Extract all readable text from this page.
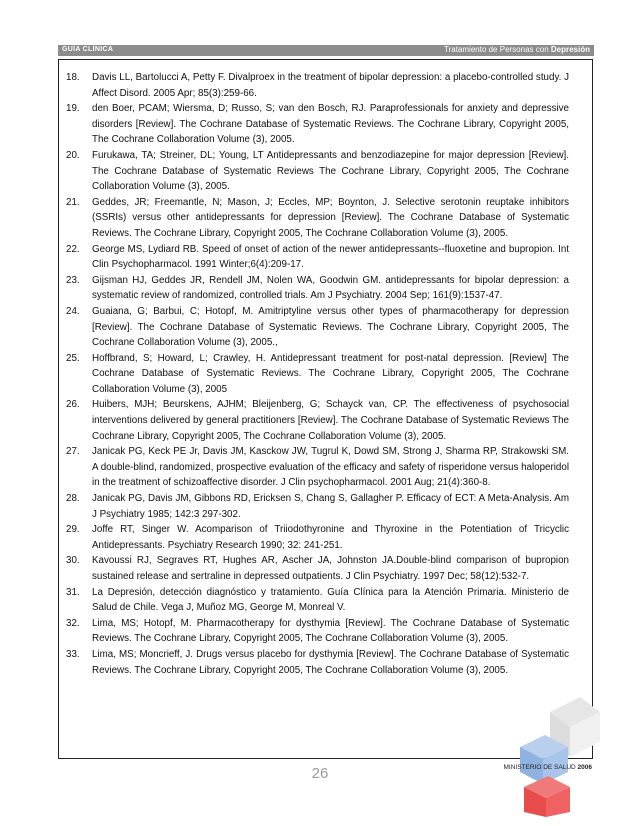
GUÍA CLÍNICA	Tratamiento de Personas con Depresión
18. Davis LL, Bartolucci A, Petty F. Divalproex in the treatment of bipolar depression: a placebo-controlled study. J Affect Disord. 2005 Apr; 85(3):259-66.
19. den Boer, PCAM; Wiersma, D; Russo, S; van den Bosch, RJ. Paraprofessionals for anxiety and depressive disorders [Review]. The Cochrane Database of Systematic Reviews. The Cochrane Library, Copyright 2005, The Cochrane Collaboration Volume (3), 2005.
20. Furukawa, TA; Streiner, DL; Young, LT Antidepressants and benzodiazepine for major depression [Review]. The Cochrane Database of Systematic Reviews The Cochrane Library, Copyright 2005, The Cochrane Collaboration Volume (3), 2005.
21. Geddes, JR; Freemantle, N; Mason, J; Eccles, MP; Boynton, J. Selective serotonin reuptake inhibitors (SSRIs) versus other antidepressants for depression [Review]. The Cochrane Database of Systematic Reviews. The Cochrane Library, Copyright 2005, The Cochrane Collaboration Volume (3), 2005.
22. George MS, Lydiard RB. Speed of onset of action of the newer antidepressants--fluoxetine and bupropion. Int Clin Psychopharmacol. 1991 Winter;6(4):209-17.
23. Gijsman HJ, Geddes JR, Rendell JM, Nolen WA, Goodwin GM. antidepressants for bipolar depression: a systematic review of randomized, controlled trials. Am J Psychiatry. 2004 Sep; 161(9):1537-47.
24. Guaiana, G; Barbui, C; Hotopf, M. Amitriptyline versus other types of pharmacotherapy for depression [Review]. The Cochrane Database of Systematic Reviews. The Cochrane Library, Copyright 2005, The Cochrane Collaboration Volume (3), 2005.,
25. Hoffbrand, S; Howard, L; Crawley, H. Antidepressant treatment for post-natal depression. [Review] The Cochrane Database of Systematic Reviews. The Cochrane Library, Copyright 2005, The Cochrane Collaboration Volume (3), 2005
26. Huibers, MJH; Beurskens, AJHM; Bleijenberg, G; Schayck van, CP. The effectiveness of psychosocial interventions delivered by general practitioners [Review]. The Cochrane Database of Systematic Reviews The Cochrane Library, Copyright 2005, The Cochrane Collaboration Volume (3), 2005.
27. Janicak PG, Keck PE Jr, Davis JM, Kasckow JW, Tugrul K, Dowd SM, Strong J, Sharma RP, Strakowski SM. A double-blind, randomized, prospective evaluation of the efficacy and safety of risperidone versus haloperidol in the treatment of schizoaffective disorder. J Clin psychopharmacol. 2001 Aug; 21(4):360-8.
28. Janicak PG, Davis JM, Gibbons RD, Ericksen S, Chang S, Gallagher P. Efficacy of ECT: A Meta-Analysis. Am J Psychiatry 1985; 142:3 297-302.
29. Joffe RT, Singer W. Acomparison of Triiodothyronine and Thyroxine in the Potentiation of Tricyclic Antidepressants. Psychiatry Research 1990; 32: 241-251.
30. Kavoussi RJ, Segraves RT, Hughes AR, Ascher JA, Johnston JA.Double-blind comparison of bupropion sustained release and sertraline in depressed outpatients. J Clin Psychiatry. 1997 Dec; 58(12):532-7.
31. La Depresión, detección diagnóstico y tratamiento. Guía Clínica para la Atención Primaria. Ministerio de Salud de Chile. Vega J, Muñoz MG, George M, Monreal V.
32. Lima, MS; Hotopf, M. Pharmacotherapy for dysthymia [Review]. The Cochrane Database of Systematic Reviews. The Cochrane Library, Copyright 2005, The Cochrane Collaboration Volume (3), 2005.
33. Lima, MS; Moncrieff, J. Drugs versus placebo for dysthymia [Review]. The Cochrane Database of Systematic Reviews. The Cochrane Library, Copyright 2005, The Cochrane Collaboration Volume (3), 2005.
26	MINISTERIO DE SALUD 2006
